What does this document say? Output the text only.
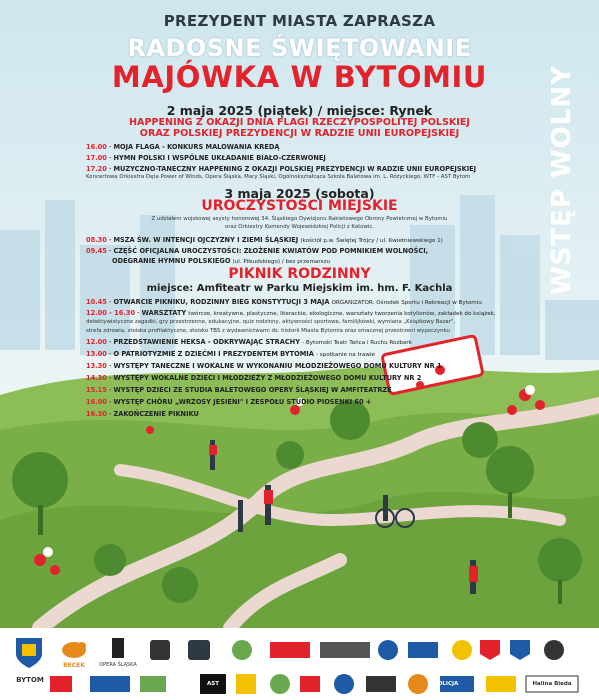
PREZYDENT MIASTA ZAPRASZA

RADOSNE ŚWIĘTOWANIE

MAJÓWKA W BYTOMIU	WSTĘP WOLNY

2 maja 2025 (piątek) / miejsce: Rynek

HAPPENING Z OKAZJI DNIA FLAGI RZECZYPOSPOLITEJ POLSKIEJ

ORAZ POLSKIEJ PREZYDENCJI W RADZIE UNII EUROPEJSKIEJ

16.00 - MOJA FLAGA - KONKURS MALOWANIA KREDĄ
17.00 - HYMN POLSKI I WSPÓLNE UKŁADANIE BIAŁO-CZERWONEJ
17.20 - MUZYCZNO-TANECZNY HAPPENING Z OKAZJI POLSKIEJ PREZYDENCJI W RADZIE UNII EUROPEJSKIEJ
Koncertowa Orkiestra Dęta Power of Winds, Opera Śląska, Mary Śląski, Ogólnokształcąca Szkoła Baletowa im. L. Różyckiego, WTF - AST Bytom

3 maja 2025 (sobota)

UROCZYSTOŚCI MIEJSKIE

Z udziałem wojskowej asysty honorowej 34. Śląskiego Dywizjonu Rakietowego Obrony Powietrznej w Bytomiu

oraz Orkiestry Komendy Wojewódzkiej Policji z Katowic.

08.30 - MSZA ŚW. W INTENCJI OJCZYZNY I ZIEMI ŚLĄSKIEJ (kościół p.w. Świętej Trójcy / ul. Kwietniewskiego 1)
09.45 - CZĘŚĆ OFICJALNA UROCZYSTOŚCI: ZŁOŻENIE KWIATÓW POD POMNIKIEM WOLNOŚCI,
ODEGRANIE HYMNU POLSKIEGO (ul. Piłsudskiego) / bez przemarszu

PIKNIK RODZINNY

miejsce: Amfiteatr w Parku Miejskim im. hm. F. Kachla

10.45 - OTWARCIE PIKNIKU, RODZINNY BIEG KONSTYTUCJI 3 MAJA ORGANIZATOR: Ośrodek Sportu i Rekreacji w Bytomiu
12.00 - 16.30 - WARSZTATY twórcze, kreatywne, plastyczne, literackie, ekologiczne, warsztaty tworzenia kotylionów, zakładek do książek,
detektywistyczne zagadki, gry przestrzenne, edukacyjne, quiz rodzinny, aktywności sportowe, familijkówki, wymiana „Książkowy Bazar",
strefa zdrowia, stoiska profilaktyczne, stoisko TBS z wydawnictwami ds. historii Miasta Bytomia oraz smacznej przestrzeni wypoczynku
12.00 - PRZEDSTAWIENIE HEKSA - ODKRYWAJĄC STRACHY - Bytomski Teatr Tańca i Ruchu Rozbark
13.00 - O PATRIOTYZMIE Z DZIEĆMI I PREZYDENTEM BYTOMIA - spotkanie na trawie
13.30 - WYSTĘPY TANECZNE I WOKALNE W WYKONANIU MŁODZIEŻOWEGO DOMU KULTURY NR 1
14.30 - WYSTĘPY WOKALNE DZIECI I MŁODZIEŻY Z MŁODZIEŻOWEGO DOMU KULTURY NR 2
15.15 - WYSTĘP DZIECI ZE STUDIA BALETOWEGO OPERY ŚLĄSKIEJ W AMFITEATRZE
16.00 - WYSTĘP CHÓRU „WRZOSY JESIENI" I ZESPOŁU STUDIO PIOSENKI 60 +
16.30 - ZAKOŃCZENIE PIKNIKU
BYTOM
BECEK	OPERA ŚLĄSKA
AST	POLICJA	Halina Bieda
